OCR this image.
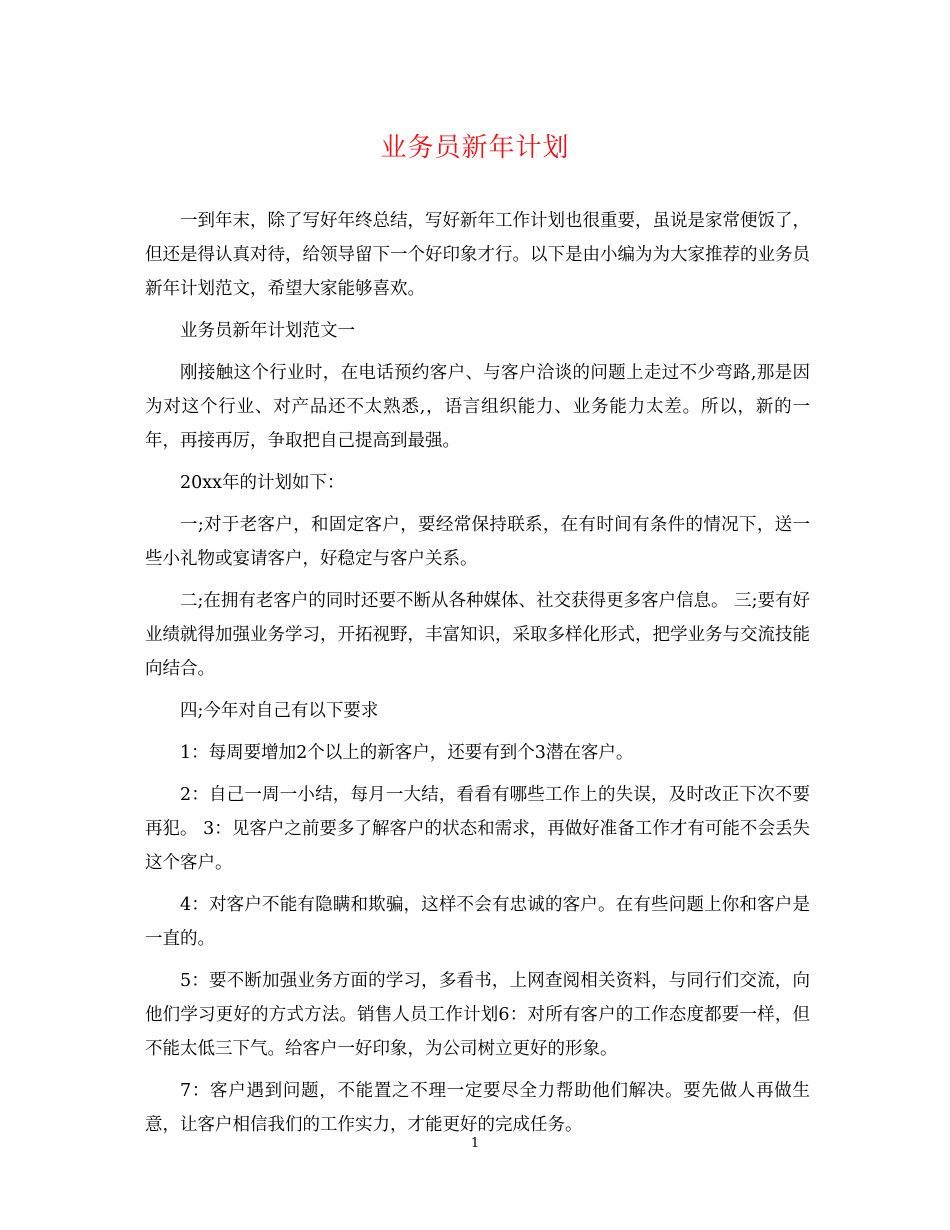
业务员新年计划

一到年末，除了写好年终总结，写好新年工作计划也很重要，虽说是家常便饭了，但还是得认真对待，给领导留下一个好印象才行。以下是由小编为为大家推荐的业务员新年计划范文，希望大家能够喜欢。

业务员新年计划范文一

刚接触这个行业时，在电话预约客户、与客户洽谈的问题上走过不少弯路,那是因为对这个行业、对产品还不太熟悉,，语言组织能力、业务能力太差。所以，新的一年，再接再厉，争取把自己提高到最强。

20xx年的计划如下：

一;对于老客户，和固定客户，要经常保持联系，在有时间有条件的情况下，送一些小礼物或宴请客户，好稳定与客户关系。

二;在拥有老客户的同时还要不断从各种媒体、社交获得更多客户信息。 三;要有好业绩就得加强业务学习，开拓视野，丰富知识，采取多样化形式，把学业务与交流技能向结合。

四;今年对自己有以下要求

1：每周要增加2个以上的新客户，还要有到个3潜在客户。

2：自己一周一小结，每月一大结，看看有哪些工作上的失误，及时改正下次不要再犯。 3：见客户之前要多了解客户的状态和需求，再做好准备工作才有可能不会丢失这个客户。

4：对客户不能有隐瞒和欺骗，这样不会有忠诚的客户。在有些问题上你和客户是一直的。

5：要不断加强业务方面的学习，多看书，上网查阅相关资料，与同行们交流，向他们学习更好的方式方法。销售人员工作计划6：对所有客户的工作态度都要一样，但不能太低三下气。给客户一好印象，为公司树立更好的形象。

7：客户遇到问题，不能置之不理一定要尽全力帮助他们解决。要先做人再做生意，让客户相信我们的工作实力，才能更好的完成任务。

1
